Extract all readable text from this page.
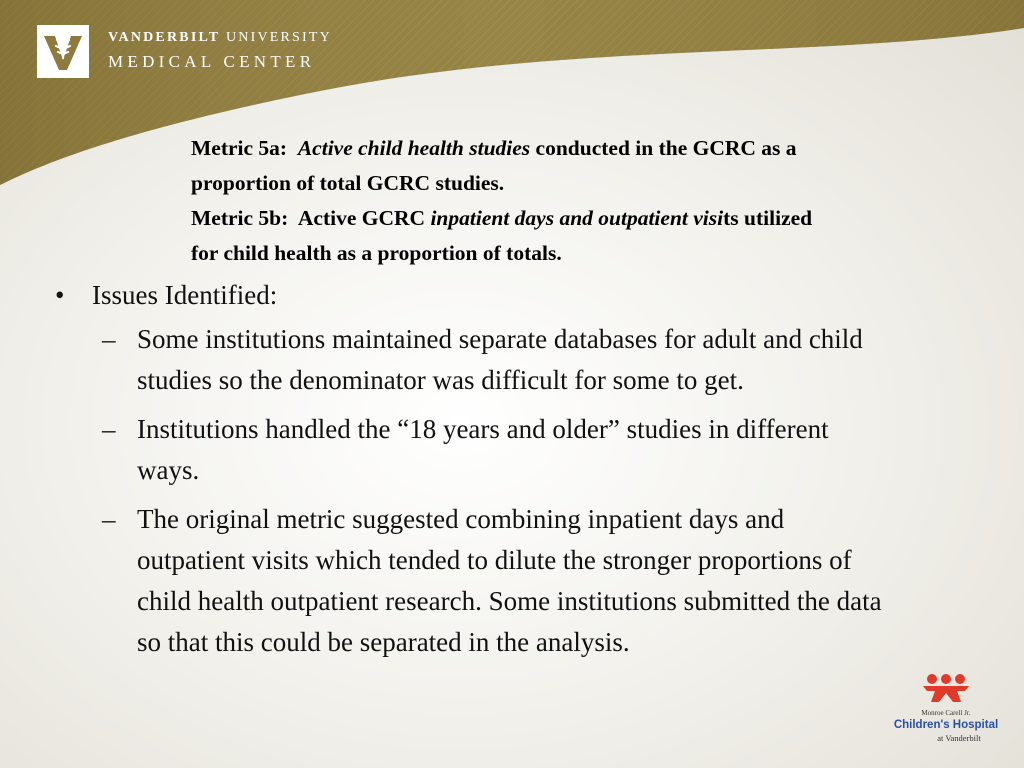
VANDERBILT UNIVERSITY
MEDICAL CENTER
Metric 5a: Active child health studies conducted in the GCRC as a
proportion of total GCRC studies.
Metric 5b: Active GCRC inpatient days and outpatient visits utilized
for child health as a proportion of totals.
•	Issues Identified:
– Some institutions maintained separate databases for adult and child studies so the denominator was difficult for some to get.
– Institutions handled the “18 years and older” studies in different ways.
– The original metric suggested combining inpatient days and outpatient visits which tended to dilute the stronger proportions of child health outpatient research. Some institutions submitted the data so that this could be separated in the analysis.
Monroe Carell Jr.
Children's Hospital
at Vanderbilt
